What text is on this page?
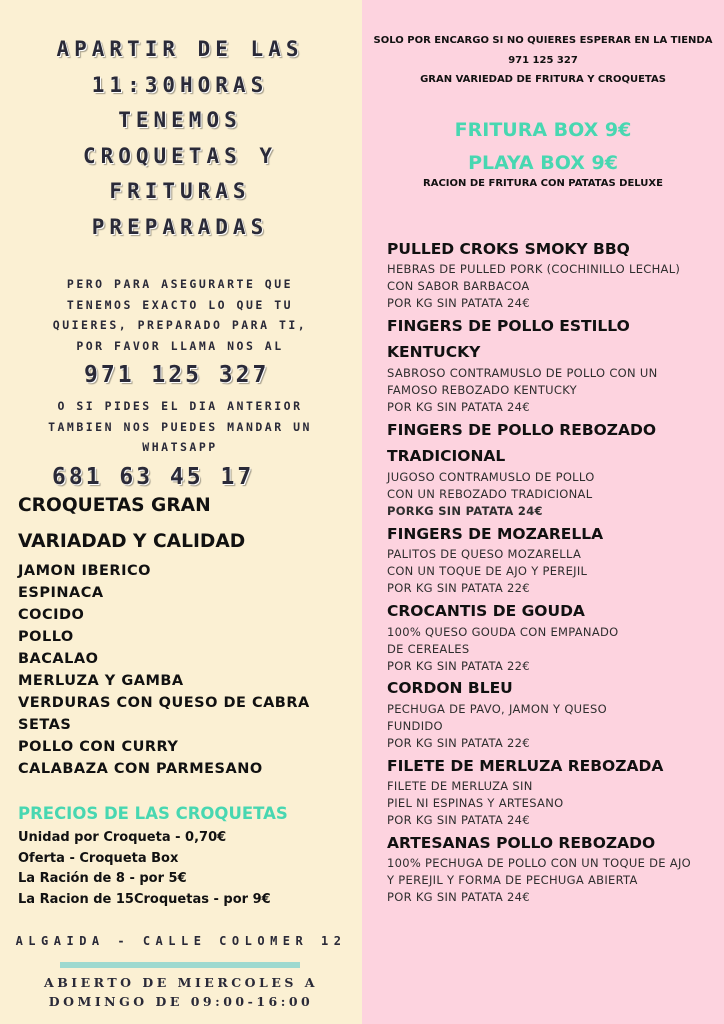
APARTIR DE LAS
11:30HORAS
TENEMOS
CROQUETAS Y
FRITURAS
PREPARADAS
PERO PARA ASEGURARTE QUE
TENEMOS EXACTO LO QUE TU
QUIERES, PREPARADO PARA TI,
POR FAVOR LLAMA NOS AL
971 125 327
O SI PIDES EL DIA ANTERIOR
TAMBIEN NOS PUEDES MANDAR UN
WHATSAPP
681 63 45 17
CROQUETAS GRAN
VARIADAD Y CALIDAD
JAMON IBERICO
ESPINACA
COCIDO
POLLO
BACALAO
MERLUZA Y GAMBA
VERDURAS CON QUESO DE CABRA
SETAS
POLLO CON CURRY
CALABAZA CON PARMESANO
PRECIOS DE LAS CROQUETAS
Unidad por Croqueta - 0,70€
Oferta - Croqueta Box
La Ración de 8 - por 5€
La Racion de 15Croquetas - por 9€
ALGAIDA - CALLE COLOMER 12
ABIERTO DE MIERCOLES A
DOMINGO DE 09:00-16:00
SOLO POR ENCARGO SI NO QUIERES ESPERAR EN LA TIENDA
971 125 327
GRAN VARIEDAD DE FRITURA Y CROQUETAS
FRITURA BOX 9€
PLAYA BOX 9€
RACION DE FRITURA CON PATATAS DELUXE
PULLED CROKS SMOKY BBQ
HEBRAS DE PULLED PORK (COCHINILLO LECHAL)
CON SABOR BARBACOA
POR KG SIN PATATA 24€
FINGERS DE POLLO ESTILLO
KENTUCKY
SABROSO CONTRAMUSLO DE POLLO CON UN
FAMOSO REBOZADO KENTUCKY
POR KG SIN PATATA 24€
FINGERS DE POLLO REBOZADO
TRADICIONAL
JUGOSO CONTRAMUSLO DE POLLO
CON UN REBOZADO TRADICIONAL
PORKG SIN PATATA 24€
FINGERS DE MOZARELLA
PALITOS DE QUESO MOZARELLA
CON UN TOQUE DE AJO Y PEREJIL
POR KG SIN PATATA 22€
CROCANTIS DE GOUDA
100% QUESO GOUDA CON EMPANADO
DE CEREALES
POR KG SIN PATATA 22€
CORDON BLEU
PECHUGA DE PAVO, JAMON Y QUESO
FUNDIDO
POR KG SIN PATATA 22€
FILETE DE MERLUZA REBOZADA
FILETE DE MERLUZA SIN
PIEL NI ESPINAS Y ARTESANO
POR KG SIN PATATA 24€
ARTESANAS POLLO REBOZADO
100% PECHUGA DE POLLO CON UN TOQUE DE AJO
Y PEREJIL Y FORMA DE PECHUGA ABIERTA
POR KG SIN PATATA 24€
